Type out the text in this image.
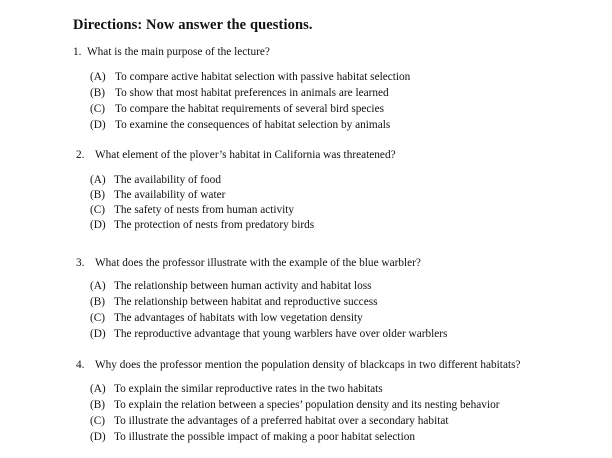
Directions: Now answer the questions.
1. What is the main purpose of the lecture?
(A) To compare active habitat selection with passive habitat selection
(B) To show that most habitat preferences in animals are learned
(C) To compare the habitat requirements of several bird species
(D) To examine the consequences of habitat selection by animals
2. What element of the plover’s habitat in California was threatened?
(A) The availability of food
(B) The availability of water
(C) The safety of nests from human activity
(D) The protection of nests from predatory birds
3. What does the professor illustrate with the example of the blue warbler?
(A) The relationship between human activity and habitat loss
(B) The relationship between habitat and reproductive success
(C) The advantages of habitats with low vegetation density
(D) The reproductive advantage that young warblers have over older warblers
4. Why does the professor mention the population density of blackcaps in two different habitats?
(A) To explain the similar reproductive rates in the two habitats
(B) To explain the relation between a species’ population density and its nesting behavior
(C) To illustrate the advantages of a preferred habitat over a secondary habitat
(D) To illustrate the possible impact of making a poor habitat selection
